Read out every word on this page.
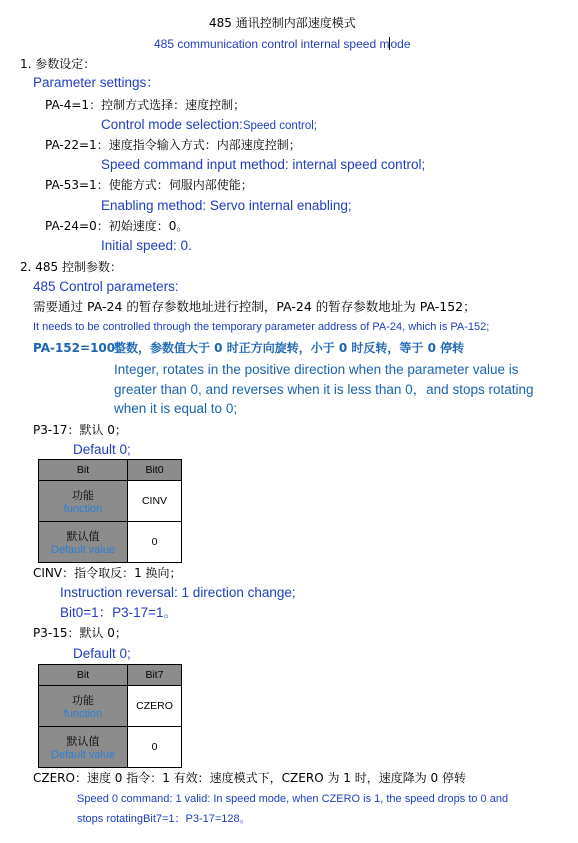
485 通讯控制内部速度模式
485 communication control internal speed mode
1. 参数设定：
Parameter settings：
PA-4=1：控制方式选择：速度控制；
Control mode selection:Speed control;
PA-22=1：速度指令输入方式：内部速度控制；
Speed command input method: internal speed control;
PA-53=1：使能方式：伺服内部使能；
Enabling method: Servo internal enabling;
PA-24=0：初始速度：0。
Initial speed: 0.
2. 485 控制参数：
485 Control parameters:
需要通过 PA-24 的暂存参数地址进行控制，PA-24 的暂存参数地址为 PA-152；
It needs to be controlled through the temporary parameter address of PA-24, which is PA-152;
PA-152=100：
整数，参数值大于 0 时正方向旋转，小于 0 时反转，等于 0 停转
Integer, rotates in the positive direction when the parameter value is greater than 0, and reverses when it is less than 0，and stops rotating when it is equal to 0;
P3-17：默认 0；
Default 0;
Bit	Bit0

功能
function	CINV

默认值
Default value	0
CINV：指令取反：1 换向；
Instruction reversal: 1 direction change;
Bit0=1：P3-17=1。
P3-15：默认 0；
Default 0;
Bit	Bit7

功能
function	CZERO

默认值
Default value	0
CZERO：速度 0 指令：1 有效：速度模式下，CZERO 为 1 时，速度降为 0 停转
Speed 0 command: 1 valid: In speed mode, when CZERO is 1, the speed drops to 0 and
stops rotatingBit7=1：P3-17=128。
